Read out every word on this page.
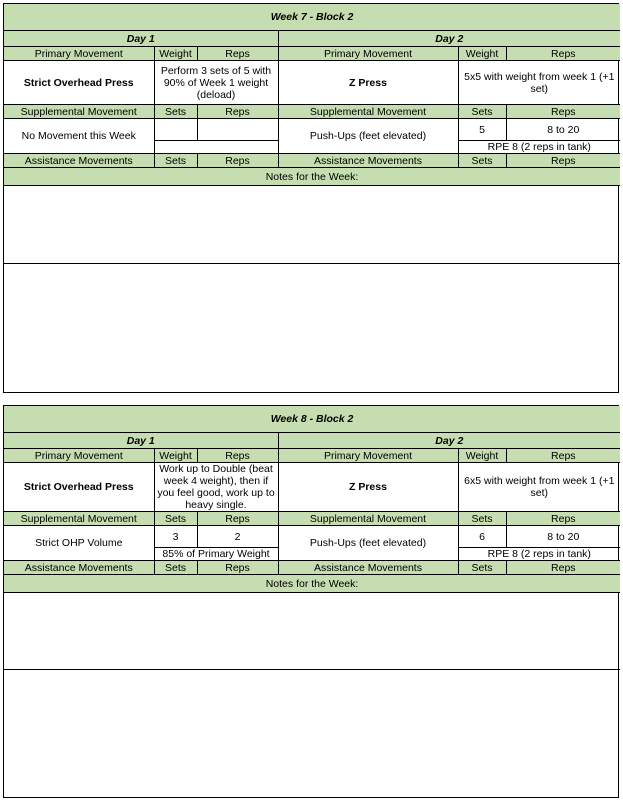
Week 7 - Block 2					
Day 1			Day 2		
Primary Movement	Weight	Reps	Primary Movement	Weight	Reps
Strict Overhead Press	Perform 3 sets of 5 with 90% of Week 1 weight (deload)		Z Press	5x5 with weight from week 1 (+1 set)	
Supplemental Movement	Sets	Reps	Supplemental Movement	Sets	Reps
No Movement this Week			Push-Ups (feet elevated)	5	8 to 20
				RPE 8 (2 reps in tank)	
Assistance Movements	Sets	Reps	Assistance Movements	Sets	Reps
Notes for the Week:					

Week 8 - Block 2					
Day 1			Day 2		
Primary Movement	Weight	Reps	Primary Movement	Weight	Reps
Strict Overhead Press	Work up to Double (beat week 4 weight), then if you feel good, work up to heavy single.		Z Press	6x5 with weight from week 1 (+1 set)	
Supplemental Movement	Sets	Reps	Supplemental Movement	Sets	Reps
Strict OHP Volume	3	2	Push-Ups (feet elevated)	6	8 to 20
	85% of Primary Weight			RPE 8 (2 reps in tank)	
Assistance Movements	Sets	Reps	Assistance Movements	Sets	Reps
Notes for the Week:					
